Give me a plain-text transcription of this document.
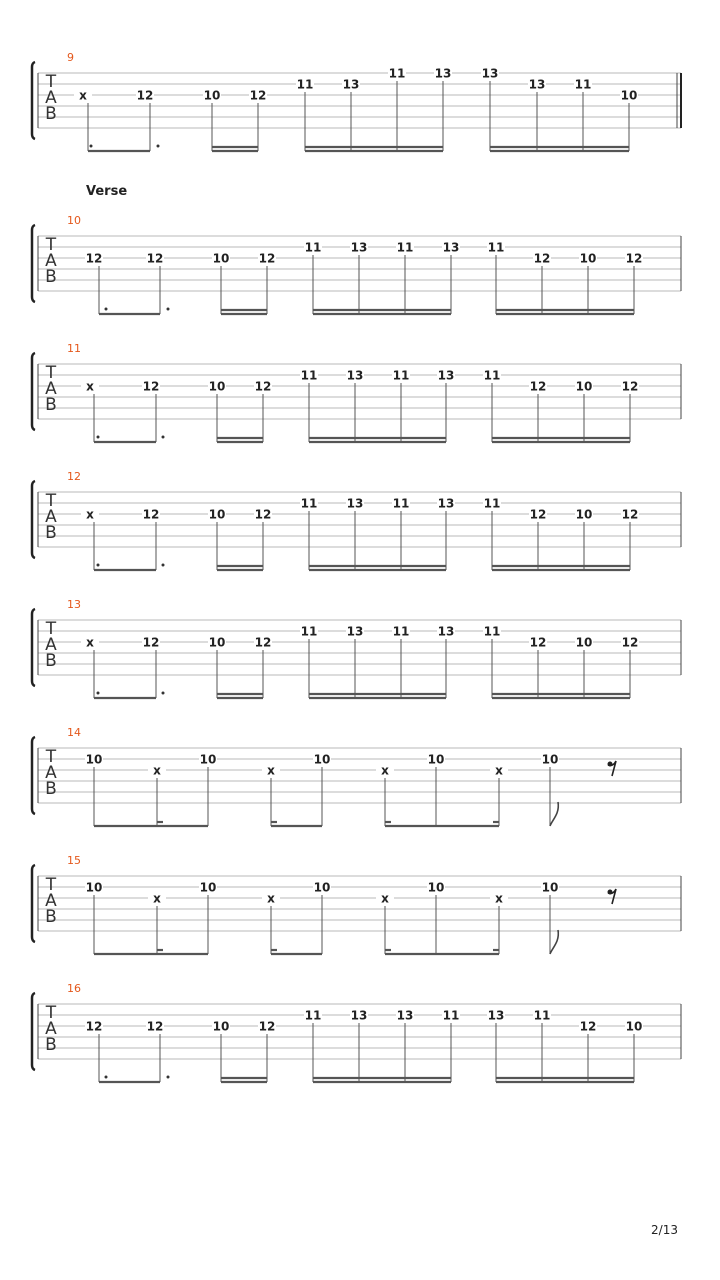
T
A
B
9
x	12	10 12
11 13
11 13	13
13 11
10
T
A
B
10
Verse
12	12	10 12
11 13 11 13 11
12 10 12
T
A
B
11
x	12	10 12
11 13 11 13 11
12 10 12
T
A
B
12
x	12	10 12
11 13 11 13 11
12 10 12
T
A
B
13
x	12	10 12
11 13 11 13 11
12 10 12
T
A
B
14
10
x
10
x
10
x
10
x
10
T
A
B
15
10
x
10
x
10
x
10
x
10
T
A
B
16
12	12	10 12
11 13 13 11 13 11
12 10
2/13
